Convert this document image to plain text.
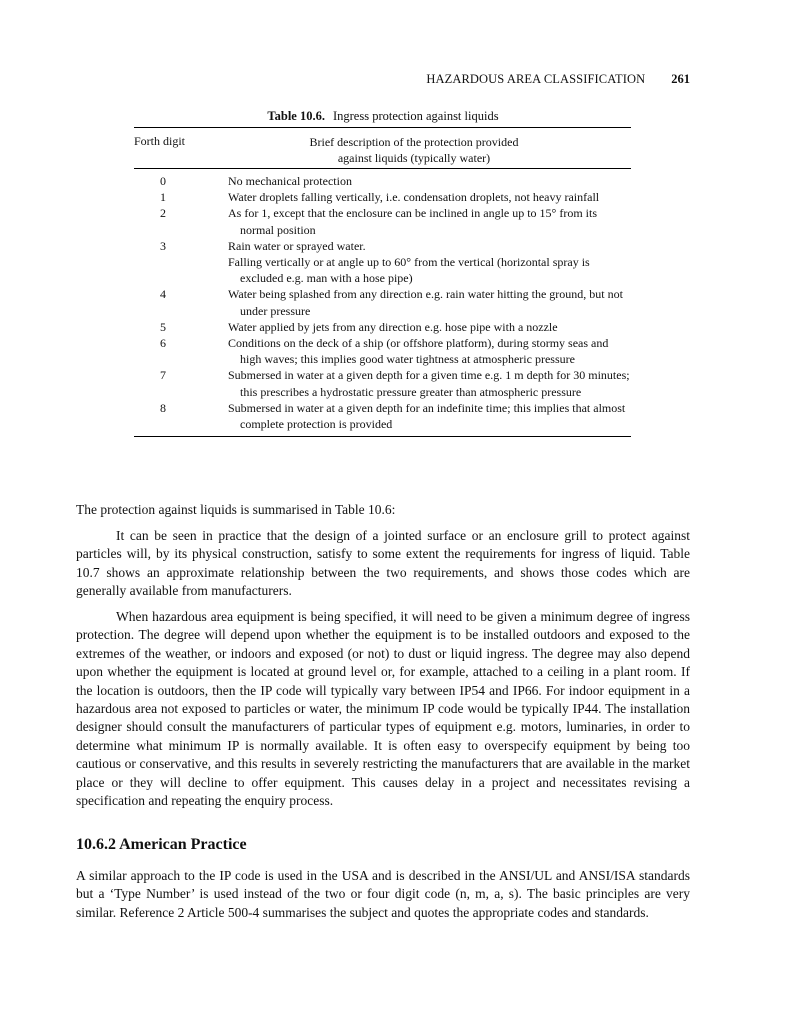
HAZARDOUS AREA CLASSIFICATION 261
Table 10.6. Ingress protection against liquids
Forth digit	Brief description of the protection provided
against liquids (typically water)
0	No mechanical protection
1	Water droplets falling vertically, i.e. condensation droplets, not heavy rainfall
2	As for 1, except that the enclosure can be inclined in angle up to 15° from its normal position
3	Rain water or sprayed water.
Falling vertically or at angle up to 60° from the vertical (horizontal spray is excluded e.g. man with a hose pipe)
4	Water being splashed from any direction e.g. rain water hitting the ground, but not under pressure
5	Water applied by jets from any direction e.g. hose pipe with a nozzle
6	Conditions on the deck of a ship (or offshore platform), during stormy seas and high waves; this implies good water tightness at atmospheric pressure
7	Submersed in water at a given depth for a given time e.g. 1 m depth for 30 minutes; this prescribes a hydrostatic pressure greater than atmospheric pressure
8	Submersed in water at a given depth for an indefinite time; this implies that almost complete protection is provided

The protection against liquids is summarised in Table 10.6:

It can be seen in practice that the design of a jointed surface or an enclosure grill to protect against particles will, by its physical construction, satisfy to some extent the requirements for ingress of liquid. Table 10.7 shows an approximate relationship between the two requirements, and shows those codes which are generally available from manufacturers.

When hazardous area equipment is being specified, it will need to be given a minimum degree of ingress protection. The degree will depend upon whether the equipment is to be installed outdoors and exposed to the extremes of the weather, or indoors and exposed (or not) to dust or liquid ingress. The degree may also depend upon whether the equipment is located at ground level or, for example, attached to a ceiling in a plant room. If the location is outdoors, then the IP code will typically vary between IP54 and IP66. For indoor equipment in a hazardous area not exposed to particles or water, the minimum IP code would be typically IP44. The installation designer should consult the manufacturers of particular types of equipment e.g. motors, luminaries, in order to determine what minimum IP is normally available. It is often easy to overspecify equipment by being too cautious or conservative, and this results in severely restricting the manufacturers that are available in the market place or they will decline to offer equipment. This causes delay in a project and necessitates revising a specification and repeating the enquiry process.

10.6.2 American Practice

A similar approach to the IP code is used in the USA and is described in the ANSI/UL and ANSI/ISA standards but a ‘Type Number’ is used instead of the two or four digit code (n, m, a, s). The basic principles are very similar. Reference 2 Article 500-4 summarises the subject and quotes the appropriate codes and standards.
